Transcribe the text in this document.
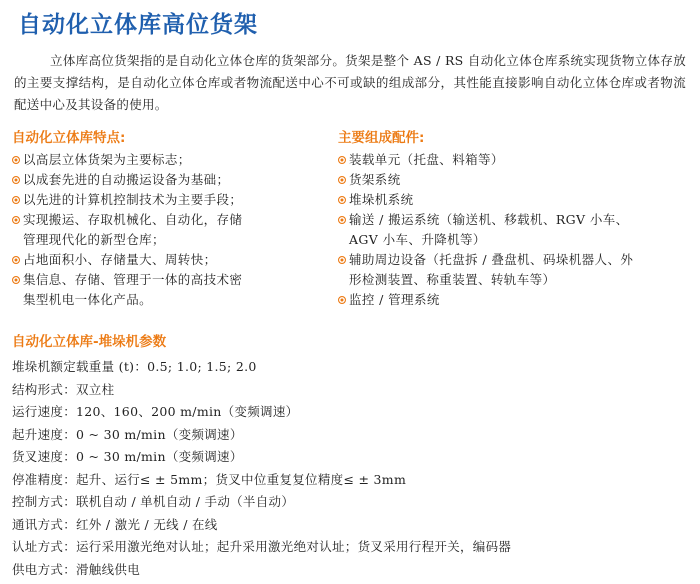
自动化立体库高位货架

立体库高位货架指的是自动化立体仓库的货架部分。货架是整个 AS / RS 自动化立体仓库系统实现货物立体存放的主要支撑结构，是自动化立体仓库或者物流配送中心不可或缺的组成部分，其性能直接影响自动化立体仓库或者物流配送中心及其设备的使用。

自动化立体库特点:
以高层立体货架为主要标志；
以成套先进的自动搬运设备为基础；
以先进的计算机控制技术为主要手段；
实现搬运、存取机械化、自动化，存储
管理现代化的新型仓库；
占地面积小、存储量大、周转快；
集信息、存储、管理于一体的高技术密
集型机电一体化产品。
主要组成配件:
装载单元（托盘、料箱等）
货架系统
堆垛机系统
输送 / 搬运系统（输送机、移载机、RGV 小车、
AGV 小车、升降机等）
辅助周边设备（托盘拆 / 叠盘机、码垛机器人、外
形检测装置、称重装置、转轨车等）
监控 / 管理系统
自动化立体库-堆垛机参数
堆垛机额定载重量 (t)：0.5; 1.0; 1.5; 2.0
结构形式：双立柱
运行速度：120、160、200 m/min（变频调速）
起升速度：0 ~ 30 m/min（变频调速）
货叉速度：0 ~ 30 m/min（变频调速）
停准精度：起升、运行≤ ± 5mm；货叉中位重复复位精度≤ ± 3mm
控制方式：联机自动 / 单机自动 / 手动（半自动）
通讯方式：红外 / 激光 / 无线 / 在线
认址方式：运行采用激光绝对认址；起升采用激光绝对认址；货叉采用行程开关，编码器
供电方式：滑触线供电
